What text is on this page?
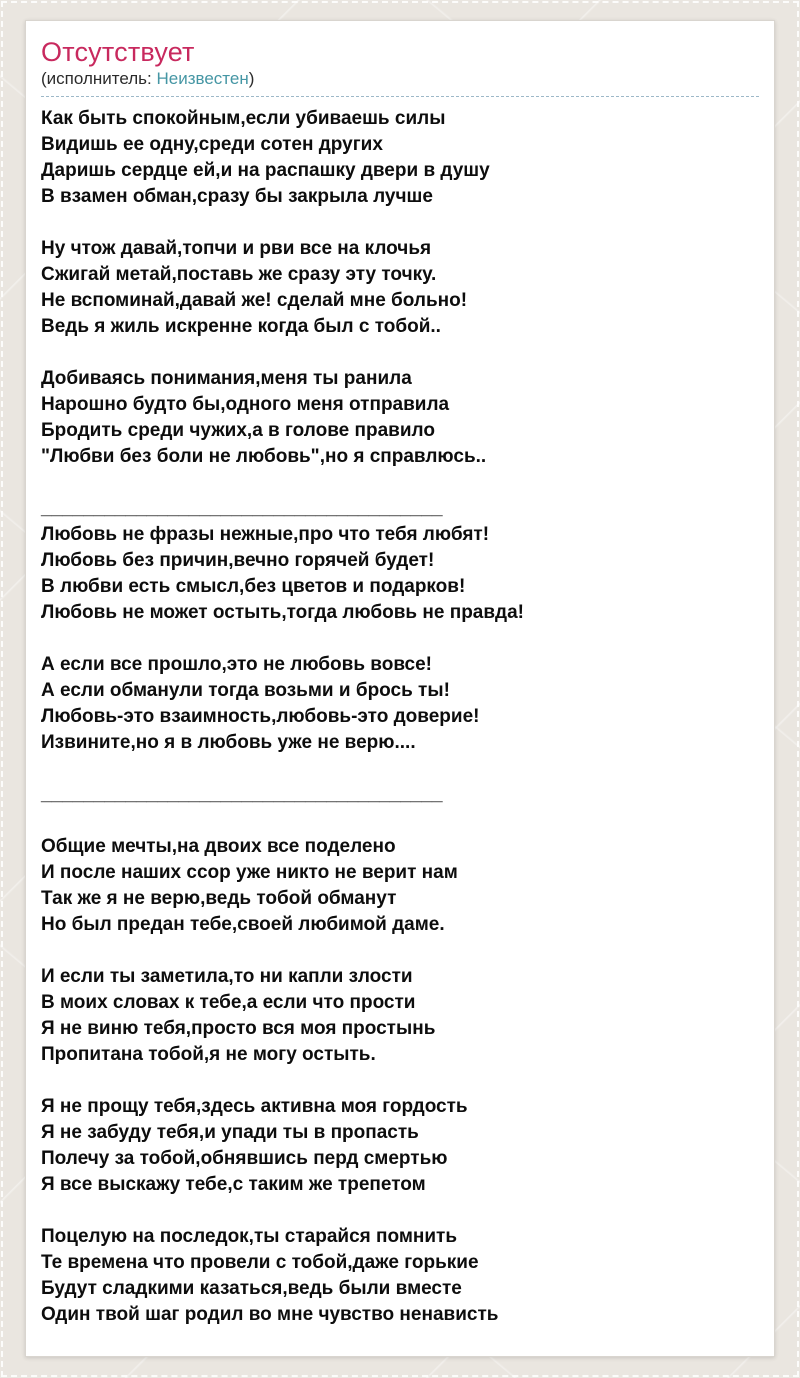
Отсутствует
(исполнитель: Неизвестен)
Как быть спокойным,если убиваешь силы
Видишь ее одну,среди сотен других
Даришь сердце ей,и на распашку двери в душу
В взамен обман,сразу бы закрыла лучше

Ну чтож давай,топчи и рви все на клочья
Сжигай метай,поставь же сразу эту точку.
Не вспоминай,давай же! сделай мне больно!
Ведь я жиль искренне когда был с тобой..

Добиваясь понимания,меня ты ранила
Нарошно будто бы,одного меня отправила
Бродить среди чужих,а в голове правило
"Любви без боли не любовь",но я справлюсь..

______________________________________
Любовь не фразы нежные,про что тебя любят!
Любовь без причин,вечно горячей будет!
В любви есть смысл,без цветов и подарков!
Любовь не может остыть,тогда любовь не правда!

А если все прошло,это не любовь вовсе!
А если обманули тогда возьми и брось ты!
Любовь-это взаимность,любовь-это доверие!
Извините,но я в любовь уже не верю....

______________________________________

Общие мечты,на двоих все поделено
И после наших ссор уже никто не верит нам
Так же я не верю,ведь тобой обманут
Но был предан тебе,своей любимой даме.

И если ты заметила,то ни капли злости
В моих словах к тебе,а если что прости
Я не виню тебя,просто вся моя простынь
Пропитана тобой,я не могу остыть.

Я не прощу тебя,здесь активна моя гордость
Я не забуду тебя,и упади ты в пропасть
Полечу за тобой,обнявшись перд смертью
Я все выскажу тебе,с таким же трепетом

Поцелую на последок,ты старайся помнить
Те времена что провели с тобой,даже горькие
Будут сладкими казаться,ведь были вместе
Один твой шаг родил во мне чувство ненависть
